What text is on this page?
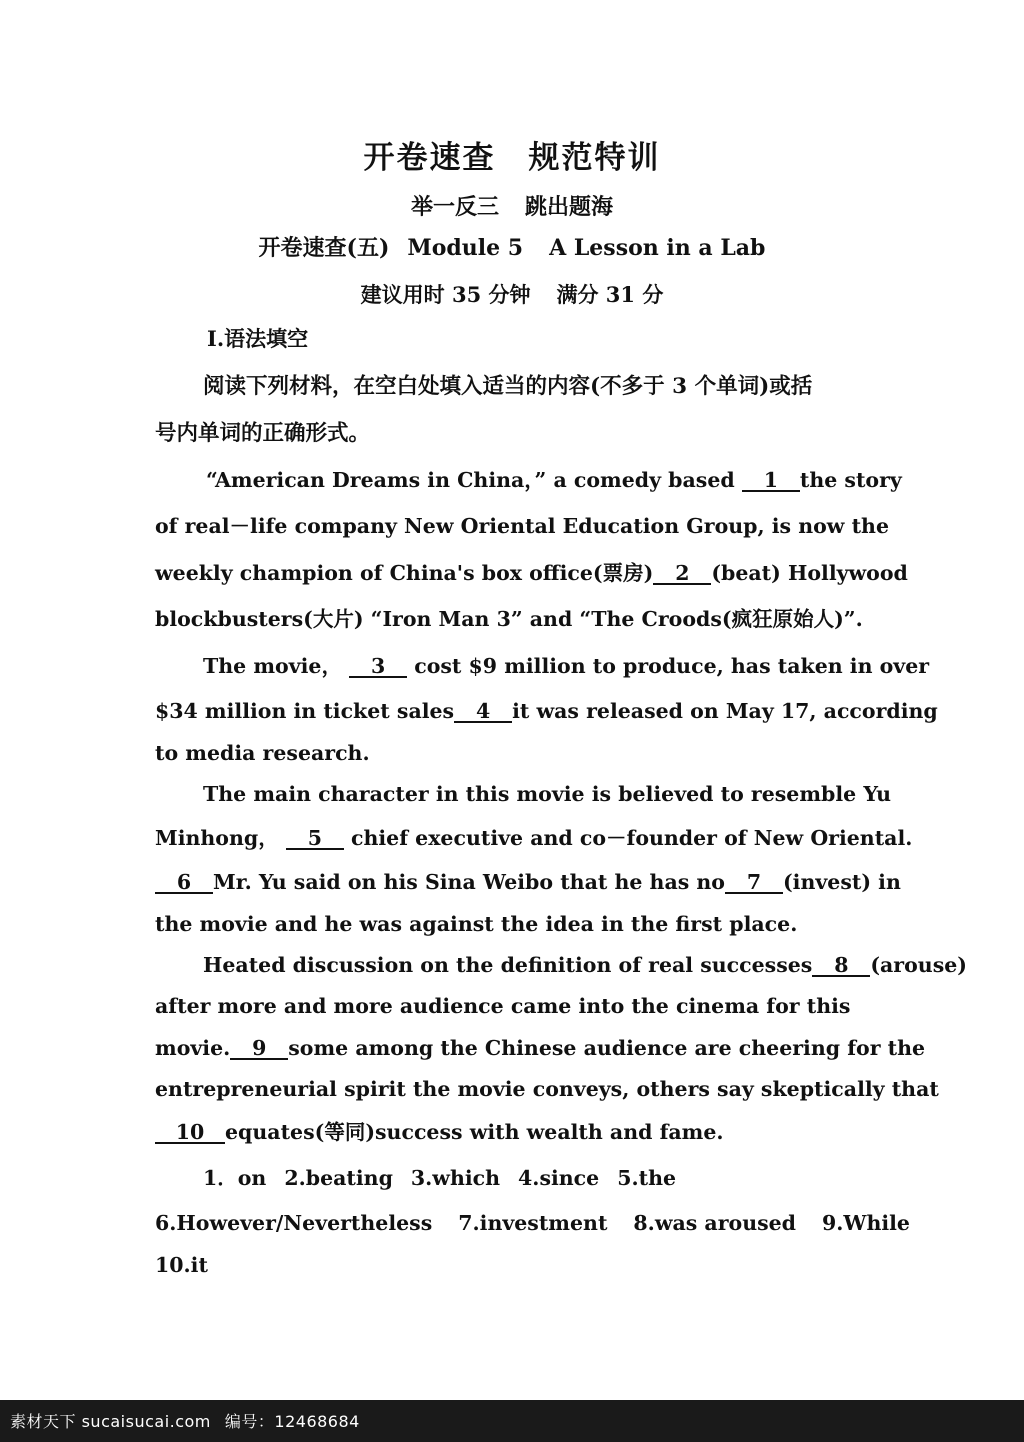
开卷速查　规范特训
举一反三 跳出题海
开卷速查(五) Module 5 A Lesson in a Lab
建议用时 35 分钟 满分 31 分
Ⅰ.语法填空
阅读下列材料，在空白处填入适当的内容(不多于 3 个单词)或括
号内单词的正确形式。
“American Dreams in China，” a comedy based 1 the story
of real－life company New Oriental Education Group, is now the
weekly champion of China's box office(票房) 2 (beat) Hollywood
blockbusters(大片) “Iron Man 3” and “The Croods(疯狂原始人)”.
The movie， 3 cost $9 million to produce, has taken in over
$34 million in ticket sales 4 it was released on May 17, according
to media research.
The main character in this movie is believed to resemble Yu
Minhong， 5 chief executive and co－founder of New Oriental.
6 Mr. Yu said on his Sina Weibo that he has no 7 (invest) in
the movie and he was against the idea in the first place.
Heated discussion on the definition of real successes 8 (arouse)
after more and more audience came into the cinema for this
movie. 9 some among the Chinese audience are cheering for the
entrepreneurial spirit the movie conveys, others say skeptically that
10 equates(等同)success with wealth and fame.
1．on 2.beating 3.which 4.since 5.the
6.However/Nevertheless 7.investment 8.was aroused 9.While
10.it
素材天下 sucaisucai.com 编号：12468684
